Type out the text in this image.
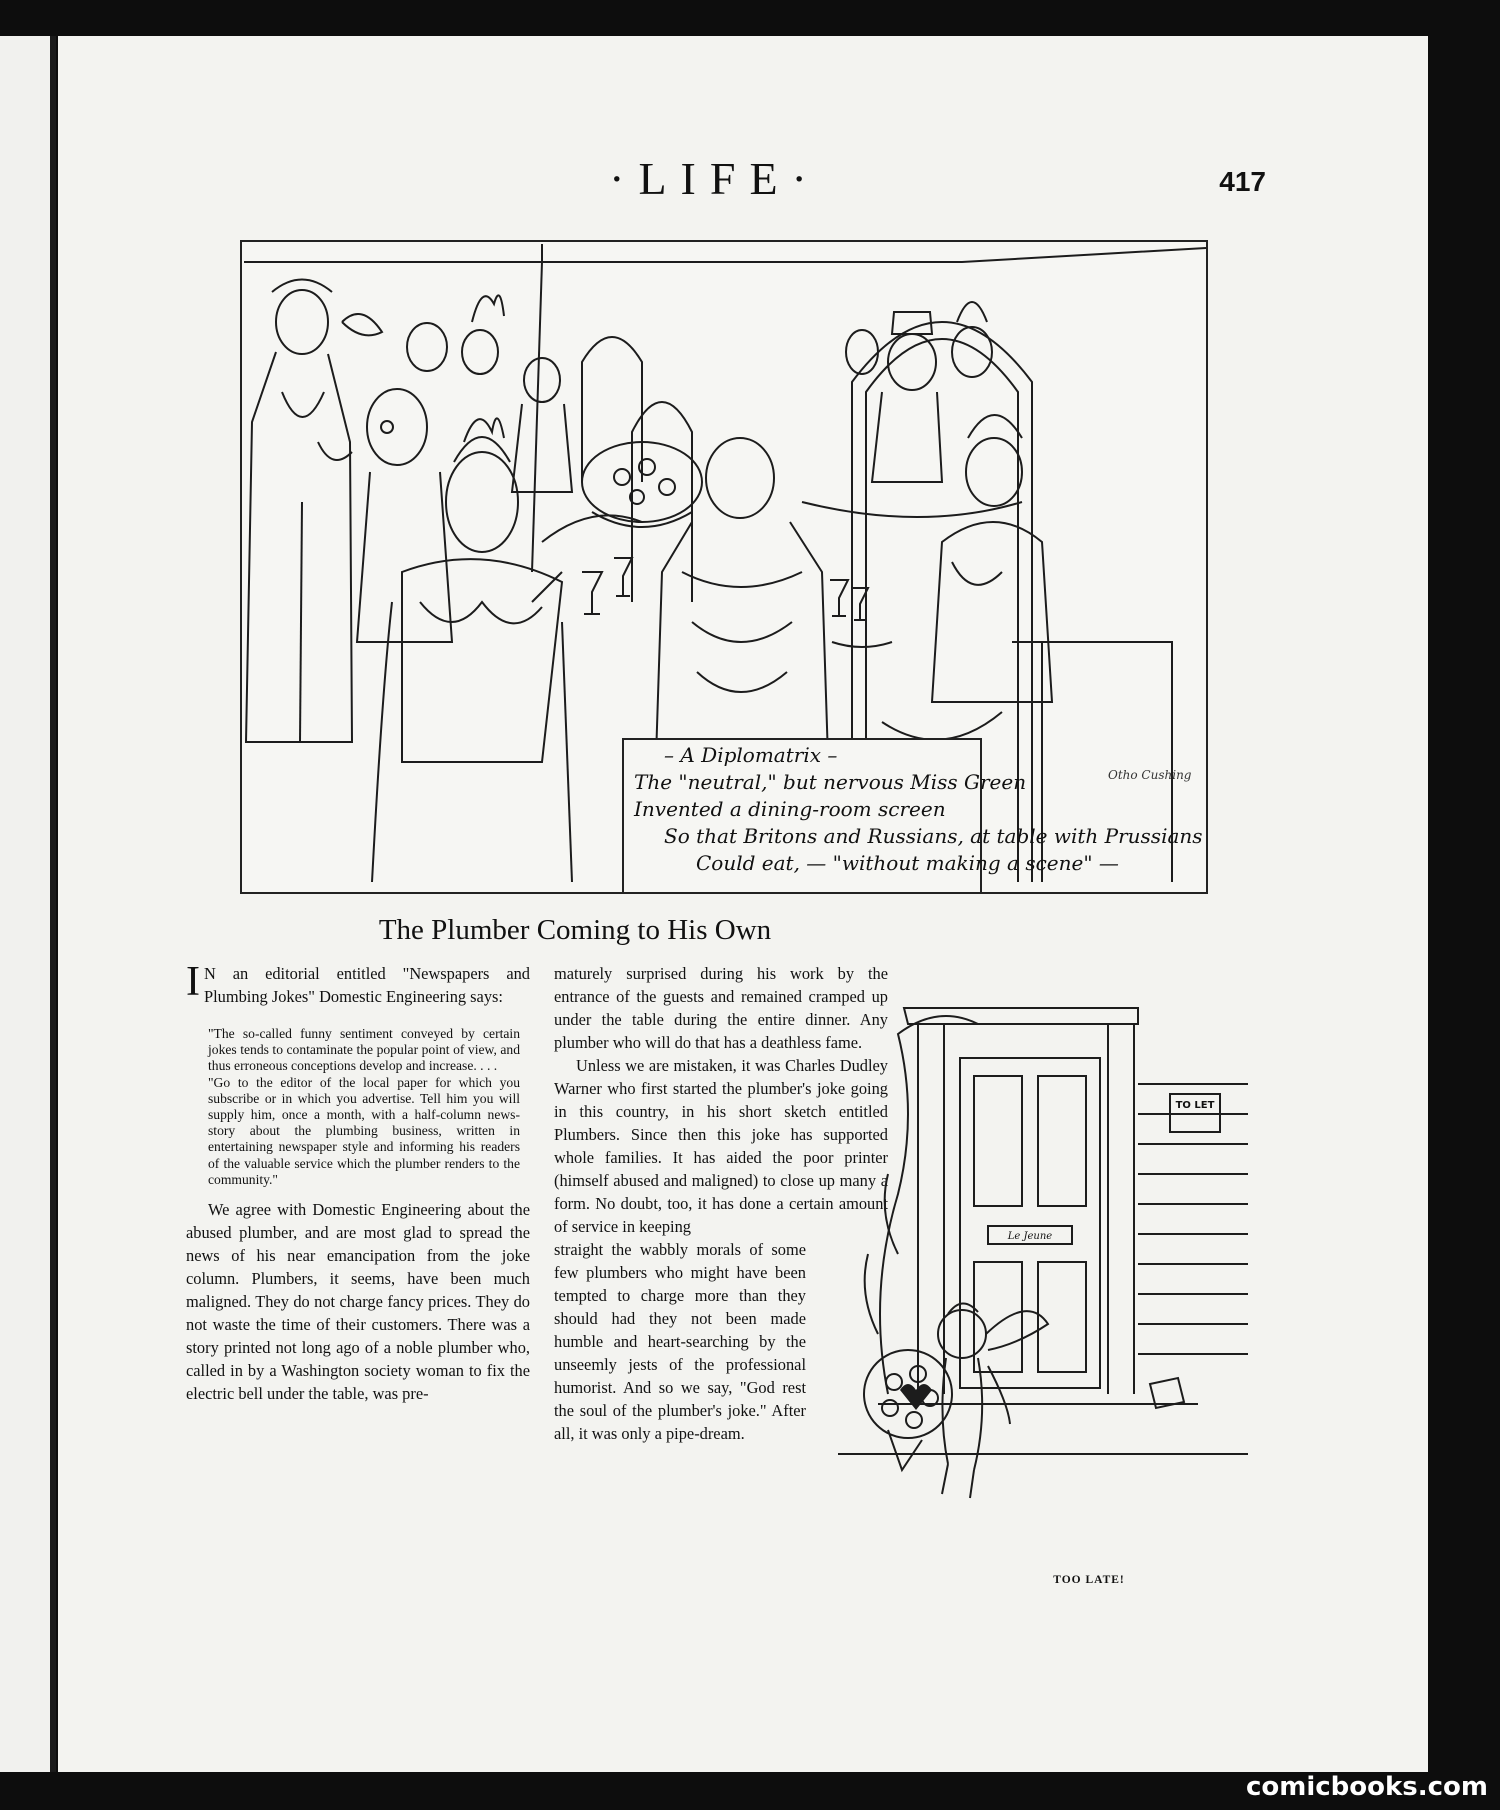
·LIFE·	417
– A Diplomatrix –
The "neutral," but nervous Miss Green
Invented a dining-room screen
So that Britons and Russians, at table with Prussians
Could eat, — "without making a scene" —
Otho Cushing
The Plumber Coming to His Own

I N an editorial entitled "Newspapers and Plumbing Jokes" Domestic Engineering says:

"The so-called funny sentiment conveyed by certain jokes tends to contaminate the popular point of view, and thus erroneous conceptions develop and increase. . . .
"Go to the editor of the local paper for which you subscribe or in which you advertise. Tell him you will supply him, once a month, with a half-column news-story about the plumbing business, written in entertaining newspaper style and informing his readers of the valuable service which the plumber renders to the community."

We agree with Domestic Engineering about the abused plumber, and are most glad to spread the news of his near emancipation from the joke column. Plumbers, it seems, have been much maligned. They do not charge fancy prices. They do not waste the time of their customers. There was a story printed not long ago of a noble plumber who, called in by a Washington society woman to fix the electric bell under the table, was pre-

maturely surprised during his work by the entrance of the guests and remained cramped up under the table during the entire dinner. Any plumber who will do that has a deathless fame.

Unless we are mistaken, it was Charles Dudley Warner who first started the plumber's joke going in this country, in his short sketch entitled Plumbers. Since then this joke has supported whole families. It has aided the poor printer (himself abused and maligned) to close up many a form. No doubt, too, it has done a certain amount of service in keeping

straight the wabbly morals of some few plumbers who might have been tempted to charge more than they should had they not been made humble and heart-searching by the unseemly jests of the professional humorist. And so we say, "God rest the soul of the plumber's joke." After all, it was only a pipe-dream.

TO LET
Le Jeune
TOO LATE!
comicbooks.com
